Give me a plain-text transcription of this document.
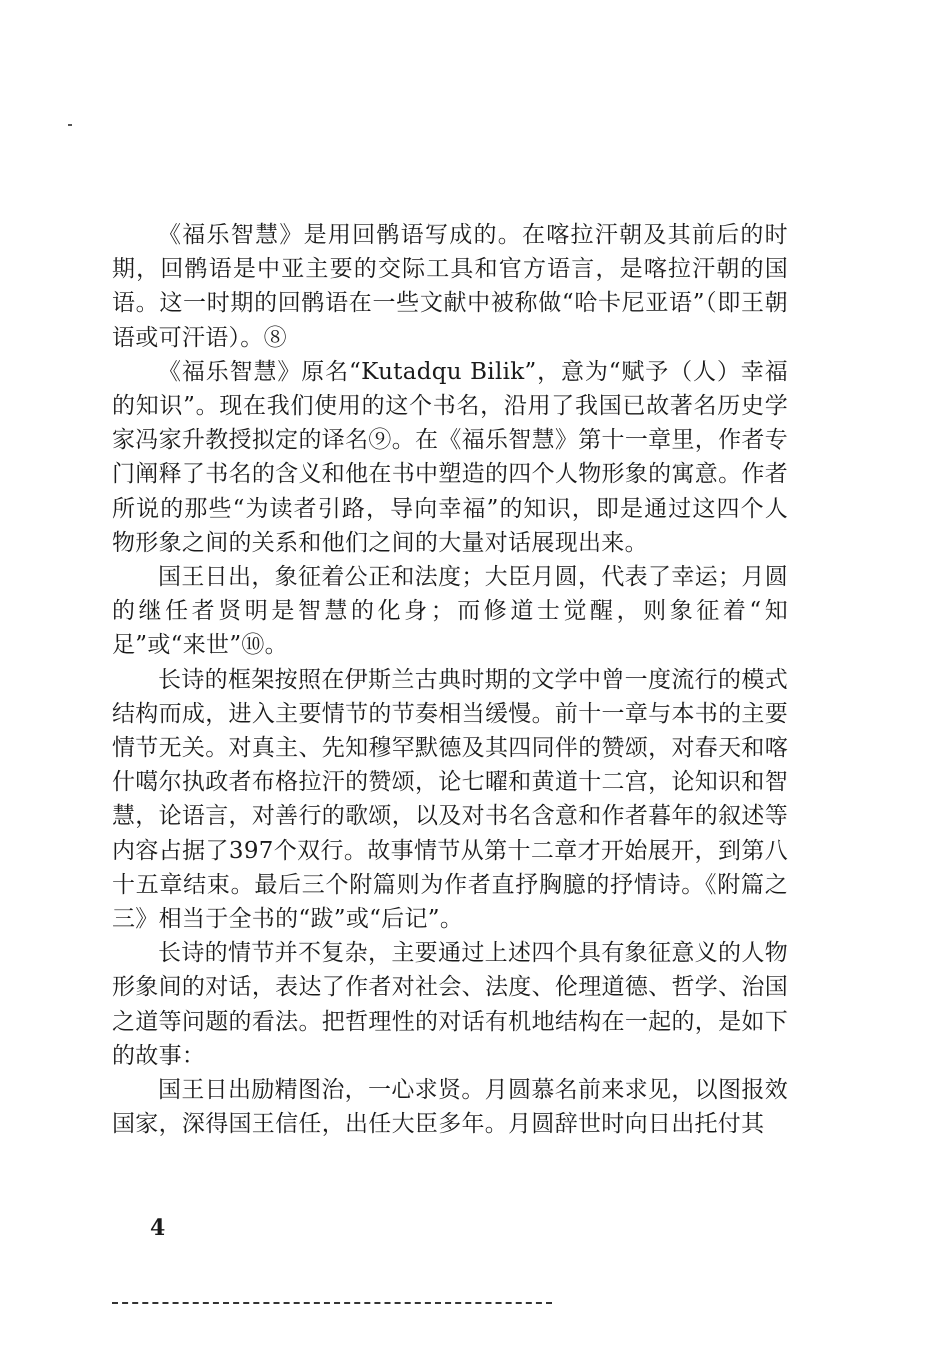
《福乐智慧》是用回鹘语写成的。在喀拉汗朝及其前后的时期，回鹘语是中亚主要的交际工具和官方语言，是喀拉汗朝的国语。这一时期的回鹘语在一些文献中被称做“哈卡尼亚语”（即王朝语或可汗语）。⑧

《福乐智慧》原名“Kutadqu Bilik”，意为“赋予（人）幸福的知识”。现在我们使用的这个书名，沿用了我国已故著名历史学家冯家升教授拟定的译名⑨。在《福乐智慧》第十一章里，作者专门阐释了书名的含义和他在书中塑造的四个人物形象的寓意。作者所说的那些“为读者引路，导向幸福”的知识，即是通过这四个人物形象之间的关系和他们之间的大量对话展现出来。

国王日出，象征着公正和法度；大臣月圆，代表了幸运；月圆的继任者贤明是智慧的化身；而修道士觉醒，则象征着“知足”或“来世”⑩。

长诗的框架按照在伊斯兰古典时期的文学中曾一度流行的模式结构而成，进入主要情节的节奏相当缓慢。前十一章与本书的主要情节无关。对真主、先知穆罕默德及其四同伴的赞颂，对春天和喀什噶尔执政者布格拉汗的赞颂，论七曜和黄道十二宫，论知识和智慧，论语言，对善行的歌颂，以及对书名含意和作者暮年的叙述等内容占据了397个双行。故事情节从第十二章才开始展开，到第八十五章结束。最后三个附篇则为作者直抒胸臆的抒情诗。《附篇之三》相当于全书的“跋”或“后记”。

长诗的情节并不复杂，主要通过上述四个具有象征意义的人物形象间的对话，表达了作者对社会、法度、伦理道德、哲学、治国之道等问题的看法。把哲理性的对话有机地结构在一起的，是如下的故事：

国王日出励精图治，一心求贤。月圆慕名前来求见，以图报效国家，深得国王信任，出任大臣多年。月圆辞世时向日出托付其

4
